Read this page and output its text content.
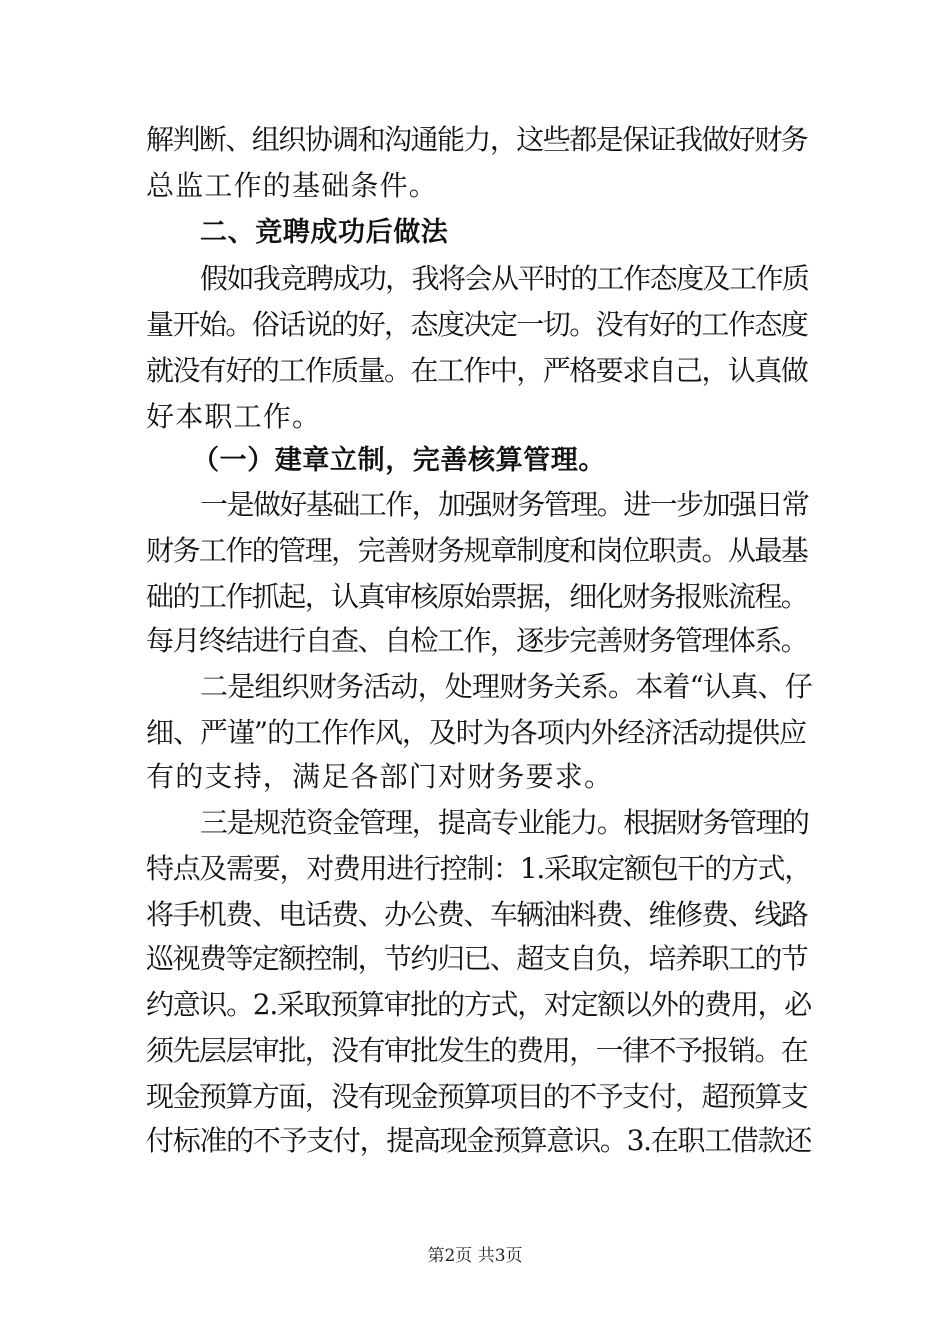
解判断、组织协调和沟通能力，这些都是保证我做好财务
总监工作的基础条件。
二、竞聘成功后做法
假如我竞聘成功，我将会从平时的工作态度及工作质
量开始。俗话说的好，态度决定一切。没有好的工作态度
就没有好的工作质量。在工作中，严格要求自己，认真做
好本职工作。
（一）建章立制，完善核算管理。
一是做好基础工作，加强财务管理。进一步加强日常
财务工作的管理，完善财务规章制度和岗位职责。从最基
础的工作抓起，认真审核原始票据，细化财务报账流程。
每月终结进行自查、自检工作，逐步完善财务管理体系。
二是组织财务活动，处理财务关系。本着“认真、仔
细、严谨”的工作作风，及时为各项内外经济活动提供应
有的支持，满足各部门对财务要求。
三是规范资金管理，提高专业能力。根据财务管理的
特点及需要，对费用进行控制：1.采取定额包干的方式，
将手机费、电话费、办公费、车辆油料费、维修费、线路
巡视费等定额控制，节约归已、超支自负，培养职工的节
约意识。2.采取预算审批的方式，对定额以外的费用，必
须先层层审批，没有审批发生的费用，一律不予报销。在
现金预算方面，没有现金预算项目的不予支付，超预算支
付标准的不予支付，提高现金预算意识。3.在职工借款还
第2页 共3页
